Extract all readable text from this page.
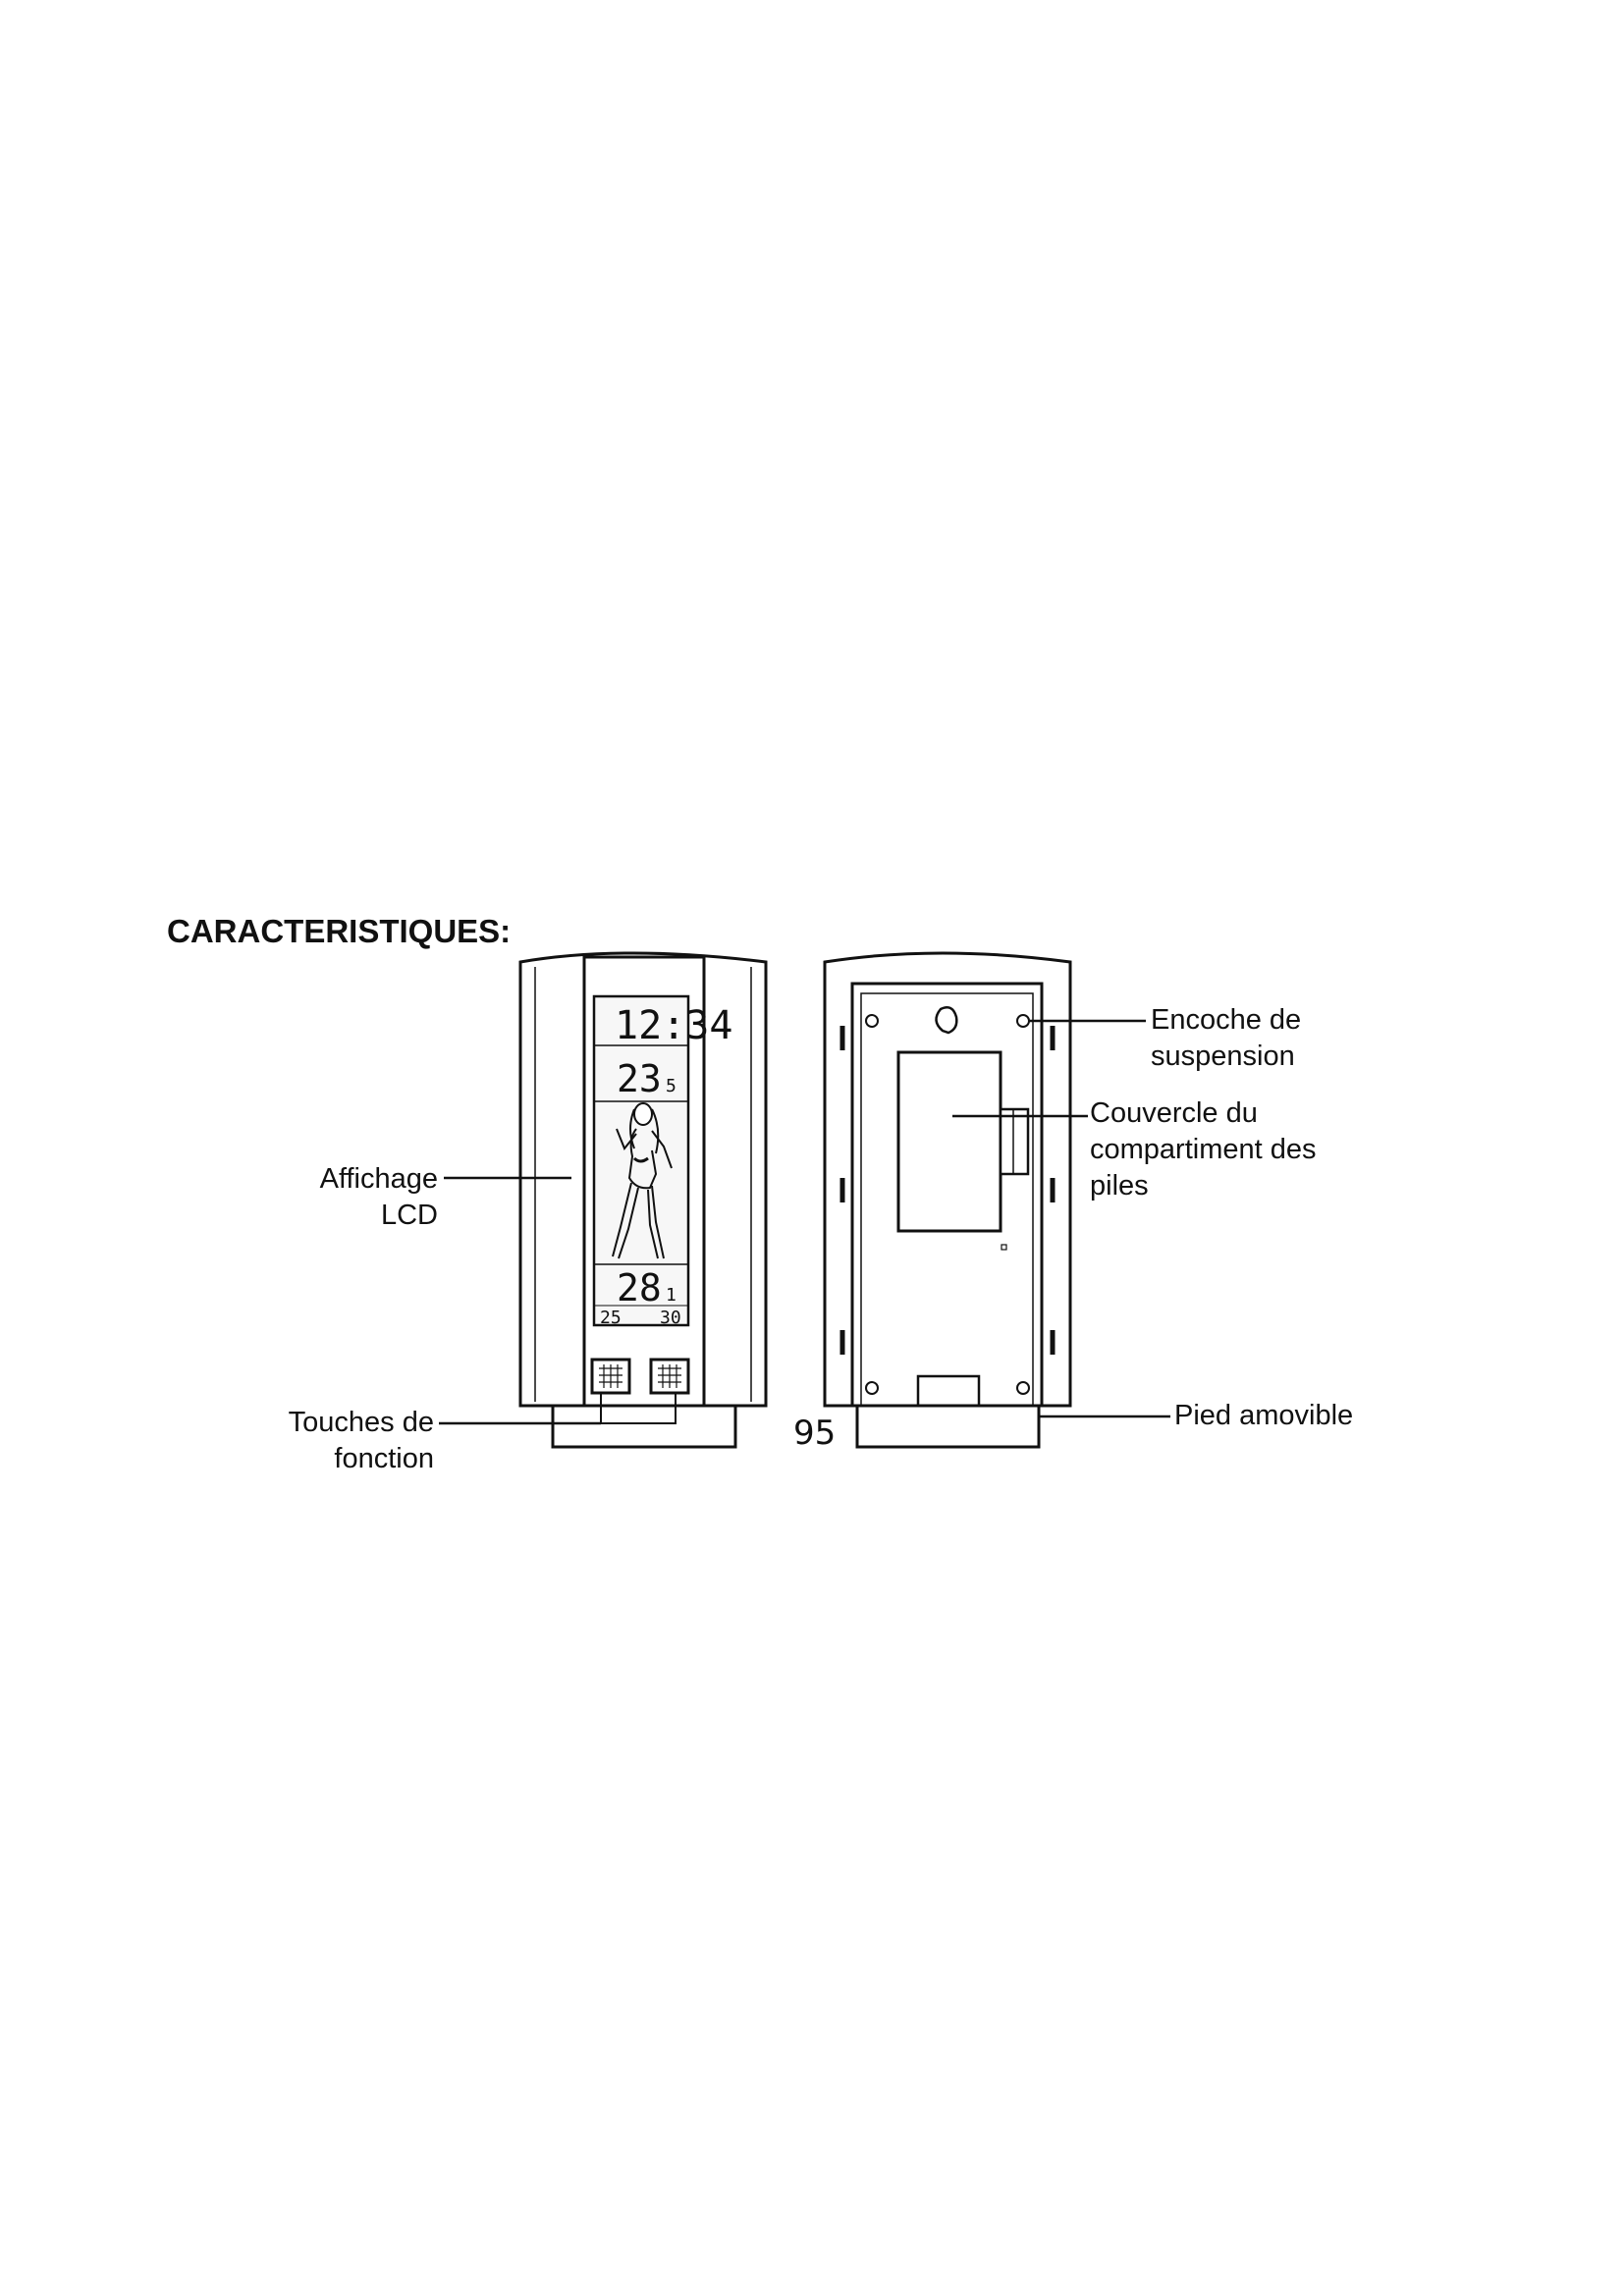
CARACTERISTIQUES:
12:34
23 5
28 1
25 30
Affichage
LCD
Touches de
fonction
Encoche de
suspension
Couvercle du
compartiment des
piles
Pied amovible
95
